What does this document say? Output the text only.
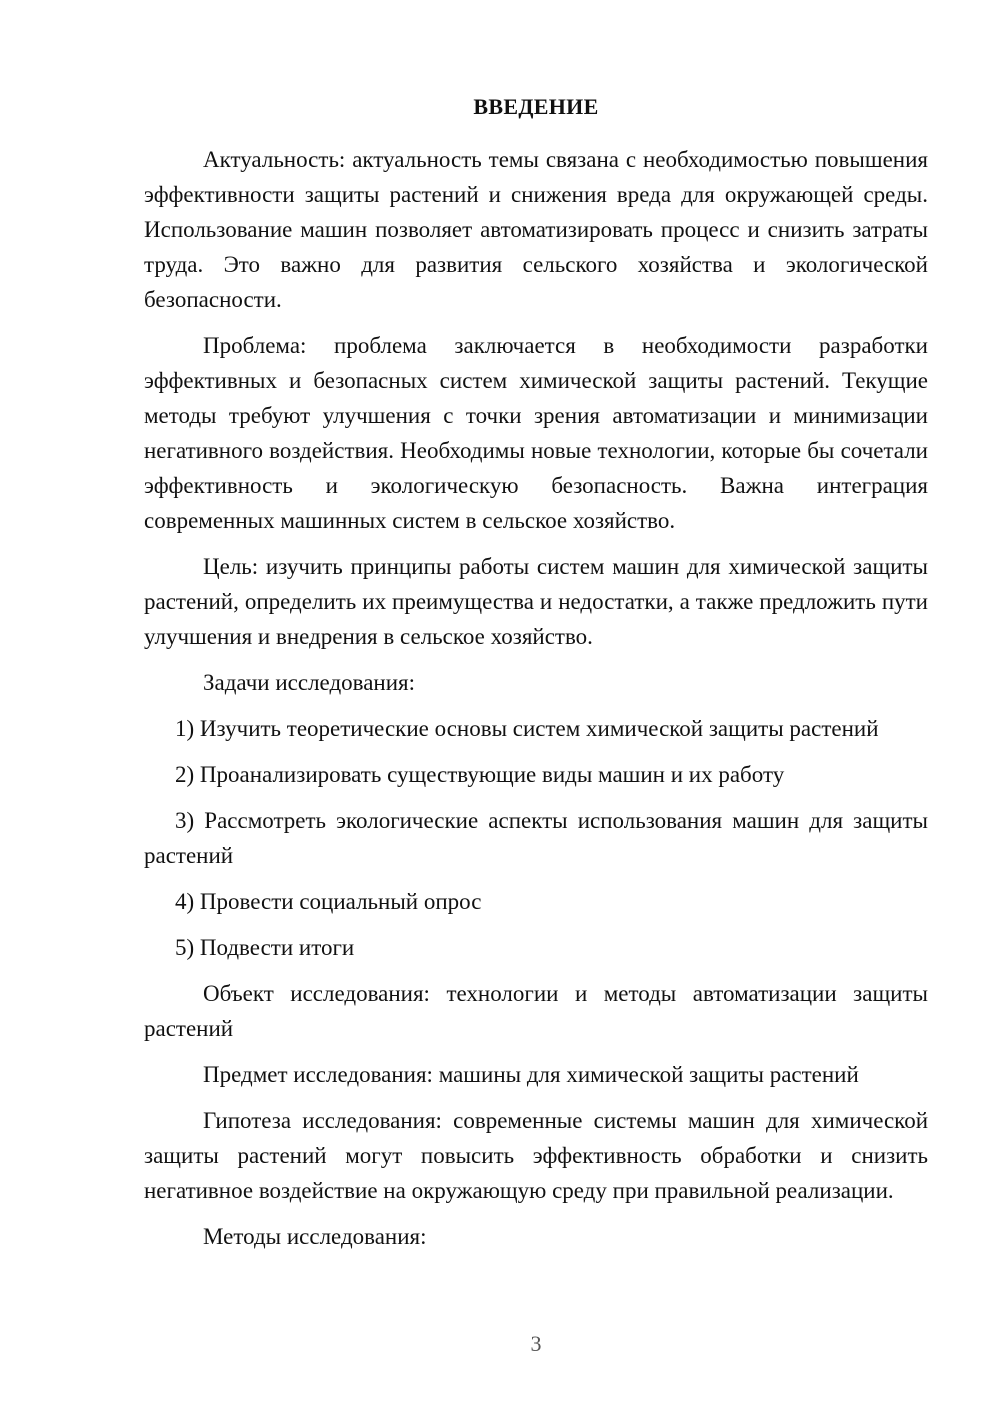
ВВЕДЕНИЕ

Актуальность: актуальность темы связана с необходимостью повышения эффективности защиты растений и снижения вреда для окружающей среды. Использование машин позволяет автоматизировать процесс и снизить затраты труда. Это важно для развития сельского хозяйства и экологической безопасности.

Проблема: проблема заключается в необходимости разработки эффективных и безопасных систем химической защиты растений. Текущие методы требуют улучшения с точки зрения автоматизации и минимизации негативного воздействия. Необходимы новые технологии, которые бы сочетали эффективность и экологическую безопасность. Важна интеграция современных машинных систем в сельское хозяйство.

Цель: изучить принципы работы систем машин для химической защиты растений, определить их преимущества и недостатки, а также предложить пути улучшения и внедрения в сельское хозяйство.

Задачи исследования:

1) Изучить теоретические основы систем химической защиты растений

2) Проанализировать существующие виды машин и их работу

3) Рассмотреть экологические аспекты использования машин для защиты растений

4) Провести социальный опрос

5) Подвести итоги

Объект исследования: технологии и методы автоматизации защиты растений

Предмет исследования: машины для химической защиты растений

Гипотеза исследования: современные системы машин для химической защиты растений могут повысить эффективность обработки и снизить негативное воздействие на окружающую среду при правильной реализации.

Методы исследования:

3
